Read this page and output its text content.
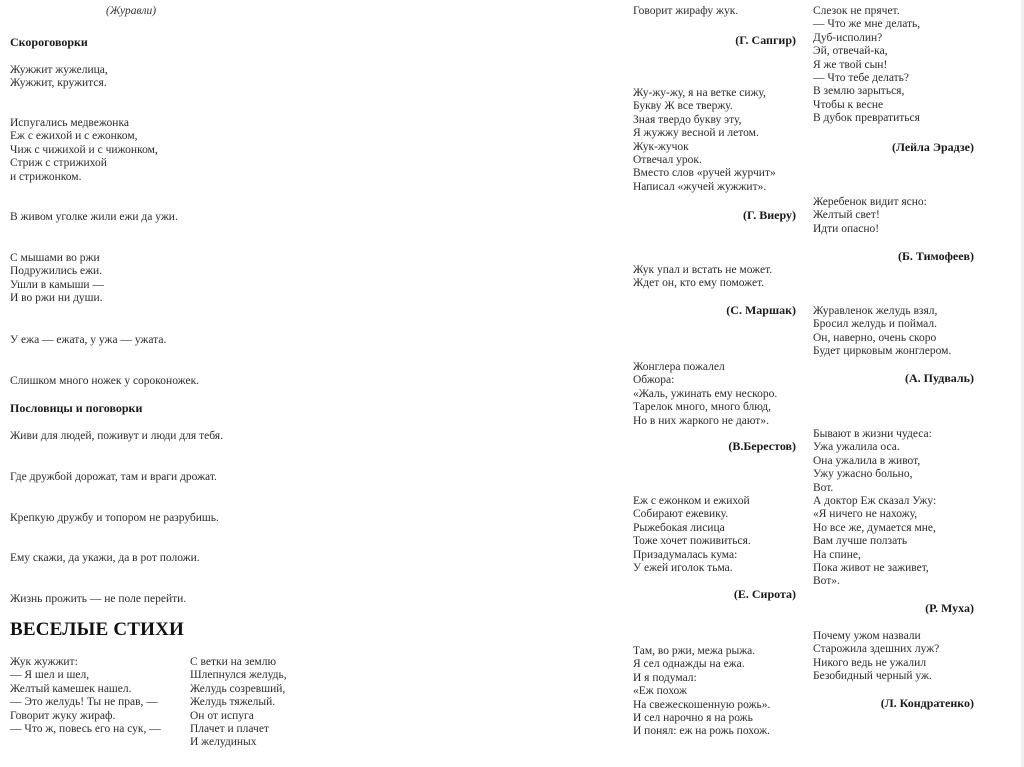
(Журавли)
Скороговорки
Жужжит жужелица,
Жужжит, кружится.
Испугались медвежонка
Еж с ежихой и с ежонком,
Чиж с чижихой и с чижонком,
Стриж с стрижихой
и стрижонком.
В живом уголке жили ежи да ужи.
С мышами во ржи
Подружились ежи.
Ушли в камыши —
И во ржи ни души.
У ежа — ежата, у ужа — ужата.
Слишком много ножек у сороконожек.
Пословицы и поговорки
Живи для людей, поживут и люди для тебя.
Где дружбой дорожат, там и враги дрожат.
Крепкую дружбу и топором не разрубишь.
Ему скажи, да укажи, да в рот положи.
Жизнь прожить — не поле перейти.
ВЕСЕЛЫЕ СТИХИ
Жук жужжит:
— Я шел и шел,
Желтый камешек нашел.
— Это желудь! Ты не прав, —
Говорит жуку жираф.
— Что ж, повесь его на сук, —
С ветки на землю
Шлепнулся желудь,
Желудь созревший,
Желудь тяжелый.
Он от испуга
Плачет и плачет
И желудиных
Говорит жирафу жук.
(Г. Сапгир)
Жу-жу-жу, я на ветке сижу,
Букву Ж все твержу.
Зная твердо букву эту,
Я жужжу весной и летом.
Жук-жучок
Отвечал урок.
Вместо слов «ручей журчит»
Написал «жучей жужжит».
(Г. Виеру)
Жук упал и встать не может.
Ждет он, кто ему поможет.
(С. Маршак)
Жонглера пожалел
Обжора:
«Жаль, ужинать ему нескоро.
Тарелок много, много блюд,
Но в них жаркого не дают».
(В.Берестов)
Еж с ежонком и ежихой
Собирают ежевику.
Рыжебокая лисица
Тоже хочет поживиться.
Призадумалась кума:
У ежей иголок тьма.
(Е. Сирота)
Там, во ржи, межа рыжа.
Я сел однажды на ежа.
И я подумал:
«Еж похож
На свежескошенную рожь».
И сел нарочно я на рожь
И понял: еж на рожь похож.
Слезок не прячет.
— Что же мне делать,
Дуб-исполин?
Эй, отвечай-ка,
Я же твой сын!
— Что тебе делать?
В землю зарыться,
Чтобы к весне
В дубок превратиться
(Лейла Эрадзе)
Жеребенок видит ясно:
Желтый свет!
Идти опасно!
(Б. Тимофеев)
Журавленок желудь взял,
Бросил желудь и поймал.
Он, наверно, очень скоро
Будет цирковым жонглером.
(А. Пудваль)
Бывают в жизни чудеса:
Ужа ужалила оса.
Она ужалила в живот,
Ужу ужасно больно,
Вот.
А доктор Еж сказал Ужу:
«Я ничего не нахожу,
Но все же, думается мне,
Вам лучше ползать
На спине,
Пока живот не заживет,
Вот».
(Р. Муха)
Почему ужом назвали
Старожила здешних луж?
Никого ведь не ужалил
Безобидный черный уж.
(Л. Кондратенко)
